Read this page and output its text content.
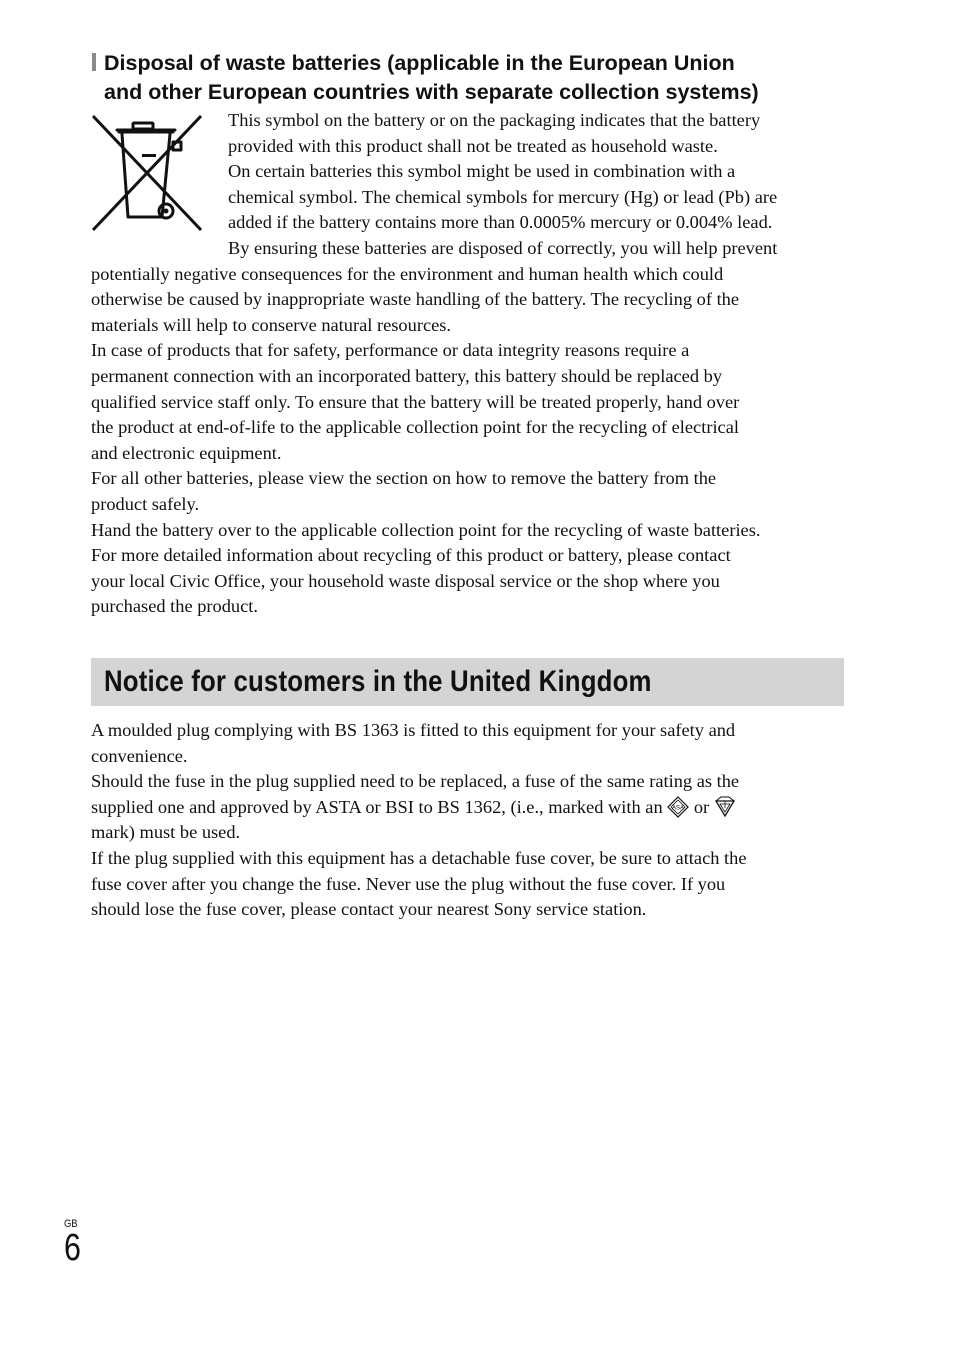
Disposal of waste batteries (applicable in the European Union
and other European countries with separate collection systems)
This symbol on the battery or on the packaging indicates that the battery
provided with this product shall not be treated as household waste.
On certain batteries this symbol might be used in combination with a
chemical symbol. The chemical symbols for mercury (Hg) or lead (Pb) are
added if the battery contains more than 0.0005% mercury or 0.004% lead.
By ensuring these batteries are disposed of correctly, you will help prevent
potentially negative consequences for the environment and human health which could
otherwise be caused by inappropriate waste handling of the battery. The recycling of the
materials will help to conserve natural resources.
In case of products that for safety, performance or data integrity reasons require a
permanent connection with an incorporated battery, this battery should be replaced by
qualified service staff only. To ensure that the battery will be treated properly, hand over
the product at end-of-life to the applicable collection point for the recycling of electrical
and electronic equipment.
For all other batteries, please view the section on how to remove the battery from the
product safely.
Hand the battery over to the applicable collection point for the recycling of waste batteries.
For more detailed information about recycling of this product or battery, please contact
your local Civic Office, your household waste disposal service or the shop where you
purchased the product.
Notice for customers in the United Kingdom
A moulded plug complying with BS 1363 is fitted to this equipment for your safety and
convenience.
Should the fuse in the plug supplied need to be replaced, a fuse of the same rating as the
supplied one and approved by ASTA or BSI to BS 1362, (i.e., marked with an ASA or
mark) must be used.
If the plug supplied with this equipment has a detachable fuse cover, be sure to attach the
fuse cover after you change the fuse. Never use the plug without the fuse cover. If you
should lose the fuse cover, please contact your nearest Sony service station.
GB
6
